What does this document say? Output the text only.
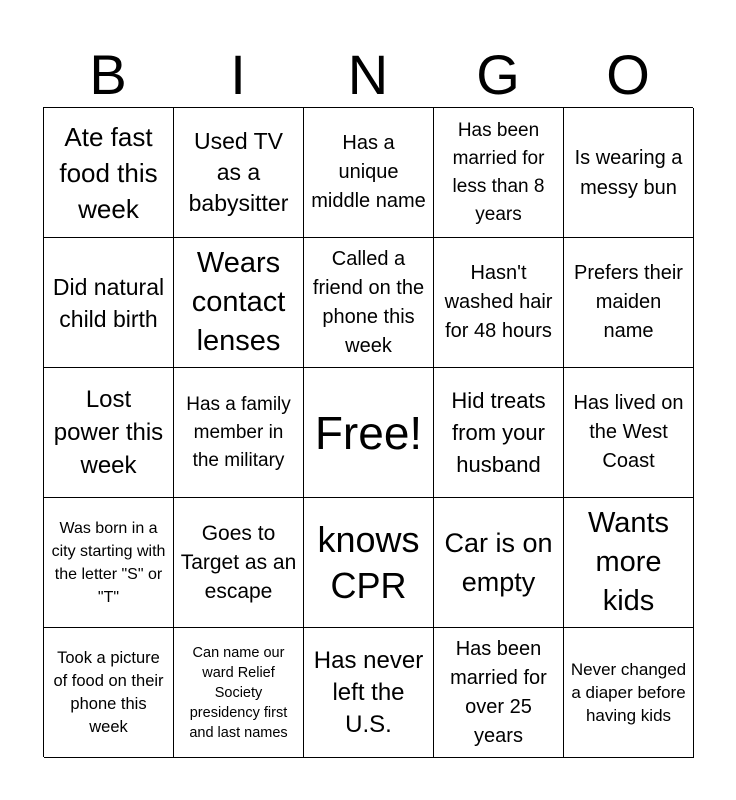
B	I	N	G	O
Ate fast food this week
Used TV as a babysitter
Has a unique middle name
Has been married for less than 8 years
Is wearing a messy bun
Did natural child birth
Wears contact lenses
Called a friend on the phone this week
Hasn't washed hair for 48 hours
Prefers their maiden name
Lost power this week
Has a family member in the military
Free!
Hid treats from your husband
Has lived on the West Coast
Was born in a city starting with the letter "S" or "T"
Goes to Target as an escape
knows CPR
Car is on empty
Wants more kids
Took a picture of food on their phone this week
Can name our ward Relief Society presidency first and last names
Has never left the U.S.
Has been married for over 25 years
Never changed a diaper before having kids
